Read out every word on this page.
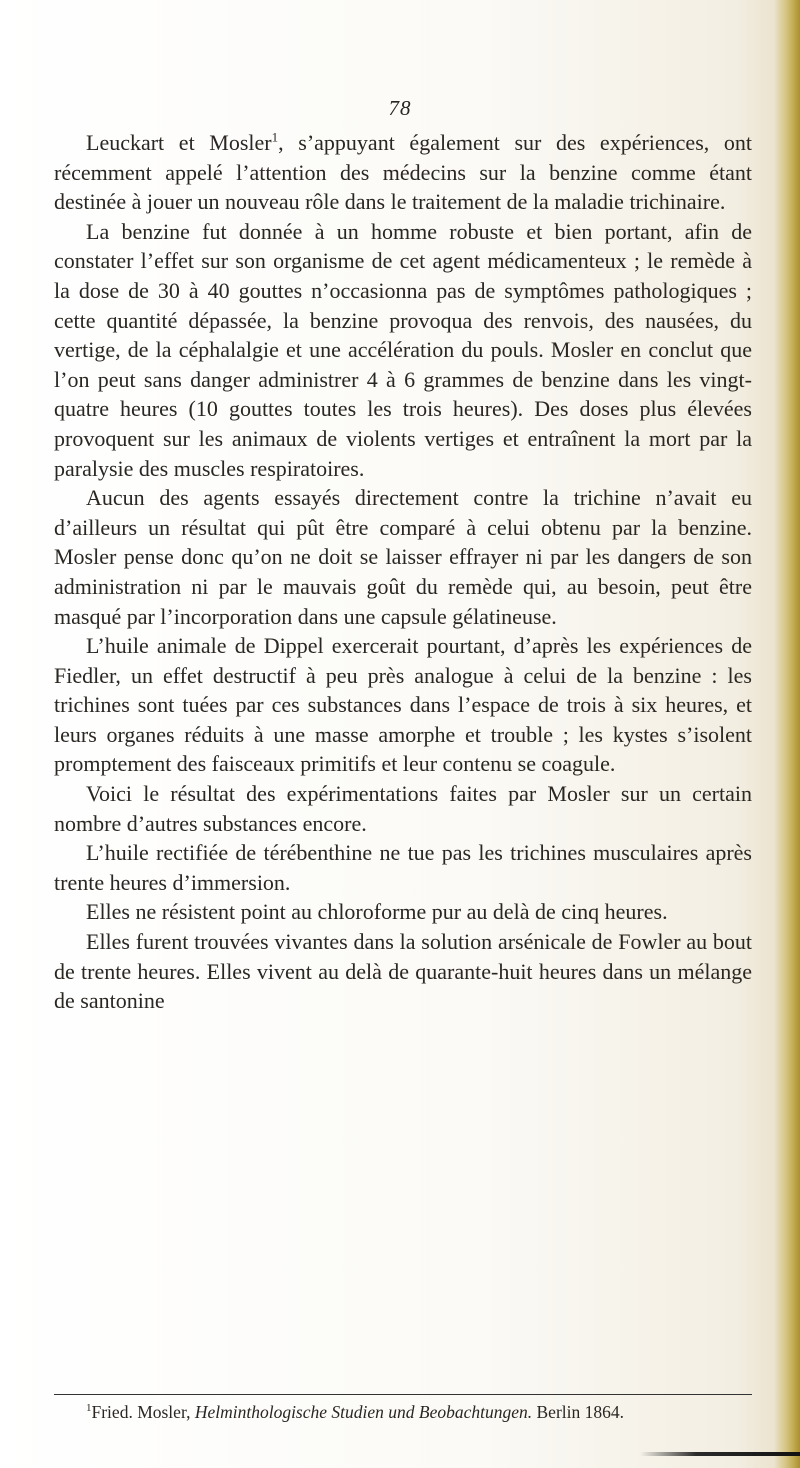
78

Leuckart et Mosler$^1$, s’appuyant également sur des expériences, ont récemment appelé l’attention des médecins sur la benzine comme étant destinée à jouer un nouveau rôle dans le traitement de la maladie trichinaire.

La benzine fut donnée à un homme robuste et bien portant, afin de constater l’effet sur son organisme de cet agent médicamenteux ; le remède à la dose de 30 à 40 gouttes n’occasionna pas de symptômes pathologiques ; cette quantité dépassée, la benzine provoqua des renvois, des nausées, du vertige, de la céphalalgie et une accélération du pouls. Mosler en conclut que l’on peut sans danger administrer 4 à 6 grammes de benzine dans les vingt-quatre heures (10 gouttes toutes les trois heures). Des doses plus élevées provoquent sur les animaux de violents vertiges et entraînent la mort par la paralysie des muscles respiratoires.

Aucun des agents essayés directement contre la trichine n’avait eu d’ailleurs un résultat qui pût être comparé à celui obtenu par la benzine. Mosler pense donc qu’on ne doit se laisser effrayer ni par les dangers de son administration ni par le mauvais goût du remède qui, au besoin, peut être masqué par l’incorporation dans une capsule gélatineuse.

L’huile animale de Dippel exercerait pourtant, d’après les expériences de Fiedler, un effet destructif à peu près analogue à celui de la benzine : les trichines sont tuées par ces substances dans l’espace de trois à six heures, et leurs organes réduits à une masse amorphe et trouble ; les kystes s’isolent promptement des faisceaux primitifs et leur contenu se coagule.

Voici le résultat des expérimentations faites par Mosler sur un certain nombre d’autres substances encore.

L’huile rectifiée de térébenthine ne tue pas les trichines musculaires après trente heures d’immersion.

Elles ne résistent point au chloroforme pur au delà de cinq heures.

Elles furent trouvées vivantes dans la solution arsénicale de Fowler au bout de trente heures. Elles vivent au delà de quarante-huit heures dans un mélange de santonine

$^1$Fried. Mosler, Helminthologische Studien und Beobachtungen. Berlin 1864.
